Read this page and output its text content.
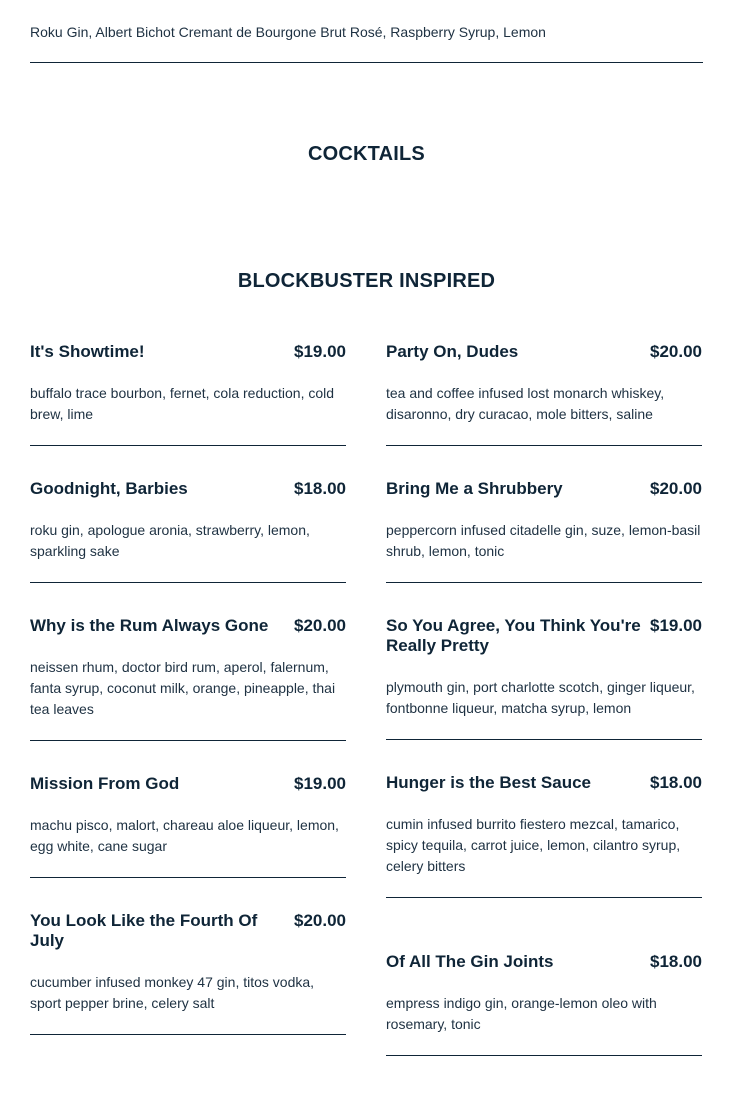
Roku Gin, Albert Bichot Cremant de Bourgone Brut Rosé, Raspberry Syrup, Lemon
COCKTAILS
BLOCKBUSTER INSPIRED
It's Showtime!	$19.00
buffalo trace bourbon, fernet, cola reduction, cold brew, lime
Goodnight, Barbies	$18.00
roku gin, apologue aronia, strawberry, lemon, sparkling sake
Why is the Rum Always Gone	$20.00
neissen rhum, doctor bird rum, aperol, falernum, fanta syrup, coconut milk, orange, pineapple, thai tea leaves
Mission From God	$19.00
machu pisco, malort, chareau aloe liqueur, lemon, egg white, cane sugar
You Look Like the Fourth Of July
$20.00
cucumber infused monkey 47 gin, titos vodka, sport pepper brine, celery salt
Party On, Dudes	$20.00
tea and coffee infused lost monarch whiskey, disaronno, dry curacao, mole bitters, saline
Bring Me a Shrubbery	$20.00
peppercorn infused citadelle gin, suze, lemon-basil shrub, lemon, tonic
So You Agree, You Think You're Really Pretty
$19.00
plymouth gin, port charlotte scotch, ginger liqueur, fontbonne liqueur, matcha syrup, lemon
Hunger is the Best Sauce	$18.00
cumin infused burrito fiestero mezcal, tamarico, spicy tequila, carrot juice, lemon, cilantro syrup, celery bitters
Of All The Gin Joints	$18.00
empress indigo gin, orange-lemon oleo with rosemary, tonic
